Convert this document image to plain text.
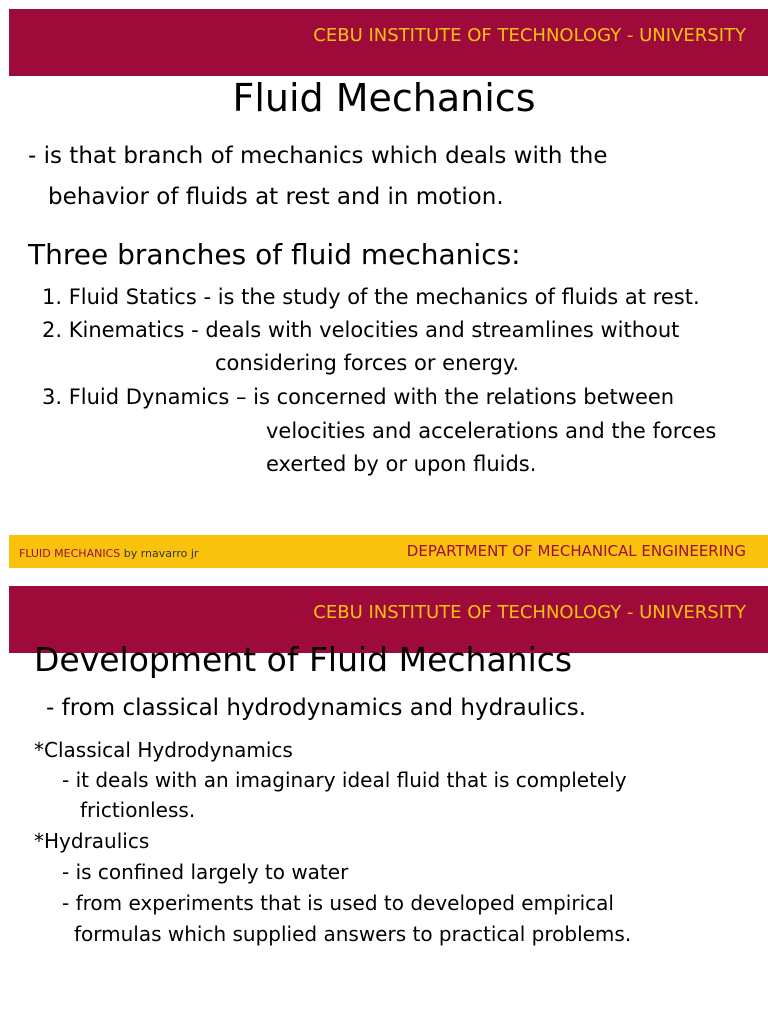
CEBU INSTITUTE OF TECHNOLOGY - UNIVERSITY
Fluid Mechanics
- is that branch of mechanics which deals with the
behavior of fluids at rest and in motion.
Three branches of fluid mechanics:
1. Fluid Statics - is the study of the mechanics of fluids at rest.
2. Kinematics - deals with velocities and streamlines without
considering forces or energy.
3. Fluid Dynamics – is concerned with the relations between
velocities and accelerations and the forces
exerted by or upon fluids.
FLUID MECHANICS by rnavarro jr	DEPARTMENT OF MECHANICAL ENGINEERING
CEBU INSTITUTE OF TECHNOLOGY - UNIVERSITY
Development of Fluid Mechanics
- from classical hydrodynamics and hydraulics.
*Classical Hydrodynamics
- it deals with an imaginary ideal fluid that is completely
frictionless.
*Hydraulics
- is confined largely to water
- from experiments that is used to developed empirical
formulas which supplied answers to practical problems.
